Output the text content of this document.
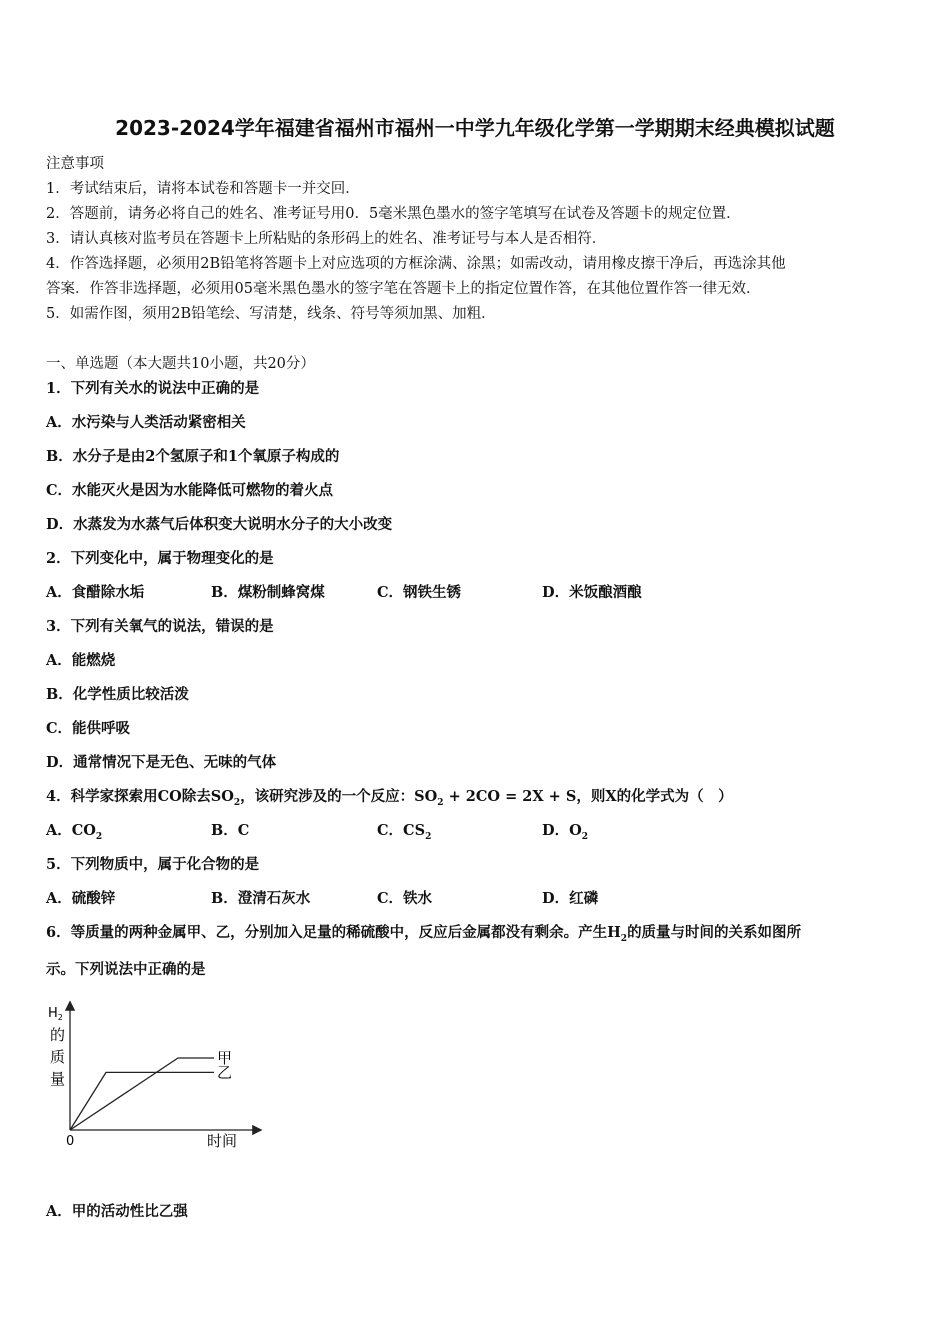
2023-2024学年福建省福州市福州一中学九年级化学第一学期期末经典模拟试题
注意事项
1．考试结束后，请将本试卷和答题卡一并交回．
2．答题前，请务必将自己的姓名、准考证号用0．5毫米黑色墨水的签字笔填写在试卷及答题卡的规定位置．
3．请认真核对监考员在答题卡上所粘贴的条形码上的姓名、准考证号与本人是否相符．
4．作答选择题，必须用2B铅笔将答题卡上对应选项的方框涂满、涂黑；如需改动，请用橡皮擦干净后，再选涂其他
答案．作答非选择题，必须用05毫米黑色墨水的签字笔在答题卡上的指定位置作答，在其他位置作答一律无效．
5．如需作图，须用2B铅笔绘、写清楚，线条、符号等须加黑、加粗．
一、单选题（本大题共10小题，共20分）
1．下列有关水的说法中正确的是
A．水污染与人类活动紧密相关
B．水分子是由2个氢原子和1个氧原子构成的
C．水能灭火是因为水能降低可燃物的着火点
D．水蒸发为水蒸气后体积变大说明水分子的大小改变
2．下列变化中，属于物理变化的是
A．食醋除水垢	B．煤粉制蜂窝煤	C．钢铁生锈	D．米饭酿酒酿
3．下列有关氧气的说法，错误的是
A．能燃烧
B．化学性质比较活泼
C．能供呼吸
D．通常情况下是无色、无味的气体
4．科学家探索用CO除去$SO_2$，该研究涉及的一个反应：$SO_2 + 2CO = 2X + S$，则X的化学式为（　）
A．$CO_2$	B．C	C．$CS_2$	D．$O_2$
5．下列物质中，属于化合物的是
A．硫酸锌	B．澄清石灰水	C．铁水	D．红磷
6．等质量的两种金属甲、乙，分别加入足量的稀硫酸中，反应后金属都没有剩余。产生$H_2$的质量与时间的关系如图所
示。下列说法中正确的是
$H_2$
的
质
量
0	时间
甲
乙
A．甲的活动性比乙强
